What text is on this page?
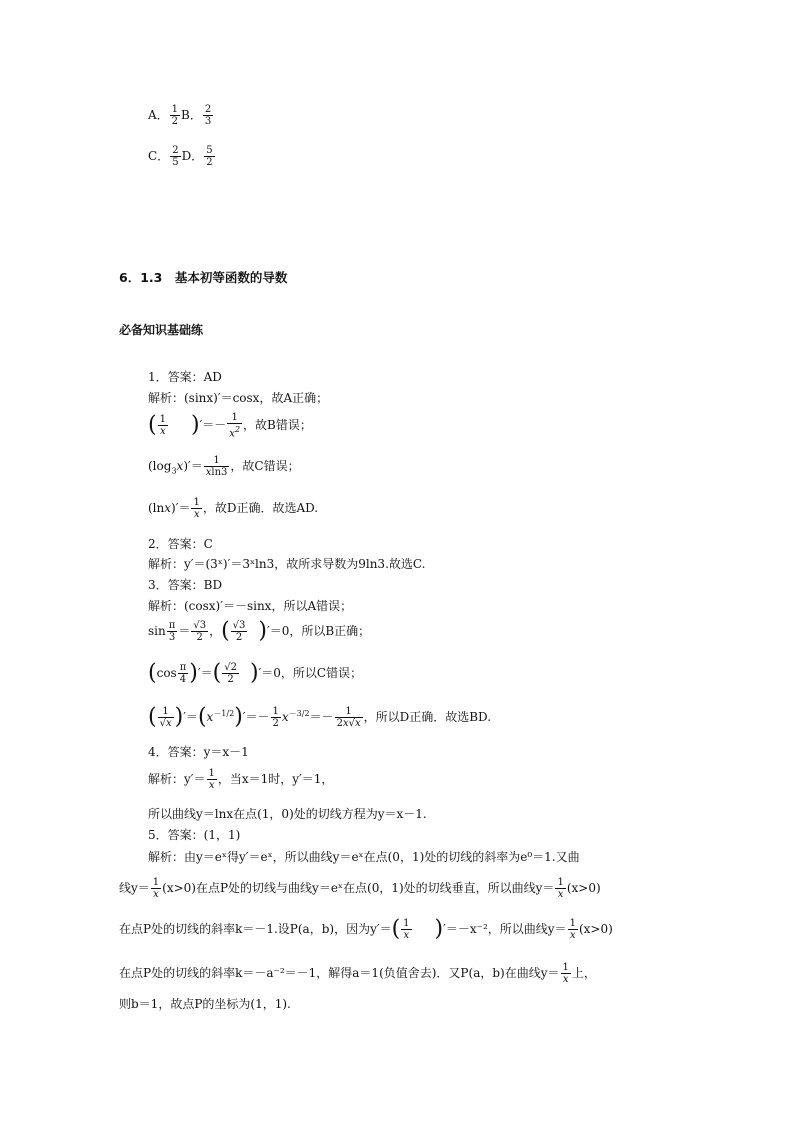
A． $\frac{1}{2}$ B． $\frac{2}{3}$
C． $\frac{2}{5}$ D． $\frac{5}{2}$
6．1.3　基本初等函数的导数
必备知识基础练
1．答案：AD
解析：(sinx)′＝cosx，故A正确；
( $\frac{1}{x}$ )′＝－ $\frac{1}{x^2}$ ，故B错误；
$(\log_3x)'= \frac{1}{xln3}$ ，故C错误；
$(\ln x)'= \frac{1}{x}$ ，故D正确．故选AD.
2．答案：C
解析：y′＝(3ˣ)′＝3ˣln3，故所求导数为9ln3.故选C.
3．答案：BD
解析：(cosx)′＝－sinx，所以A错误；
$\sin \frac{\pi}{3} = \frac{√3}{2}$ ，( $\frac{√3}{2} )'=0$，所以B正确；
($\cos \frac{\pi}{4}$ )′＝( $\frac{√2}{2} )'=0$，所以C错误；
( $\frac{1}{√x} )'=(x^{-1/2})'=- \frac{1}{2} x^{-3/2}=- \frac{1}{2x√x}$ ，所以D正确．故选BD.
4．答案：y＝x－1
解析：$y'= \frac{1}{x}$ ，当x＝1时，y′＝1，
所以曲线y＝lnx在点(1，0)处的切线方程为y＝x－1.
5．答案：(1，1)
解析：由y＝eˣ得y′＝eˣ，所以曲线y＝eˣ在点(0，1)处的切线的斜率为e⁰＝1.又曲
线$y= \frac{1}{x} (x>0)$在点P处的切线与曲线y＝eˣ在点(0，1)处的切线垂直，所以曲线$y= \frac{1}{x} (x>0)$
在点P处的切线的斜率k＝－1.设P(a，b)，因为$y'=( \frac{1}{x} )'=-x^{-2}$，所以曲线$y= \frac{1}{x} (x>0)$
在点P处的切线的斜率k＝－a⁻²＝－1，解得a＝1(负值舍去)．又P(a，b)在曲线$y= \frac{1}{x}$ 上，
则b＝1，故点P的坐标为(1，1).
